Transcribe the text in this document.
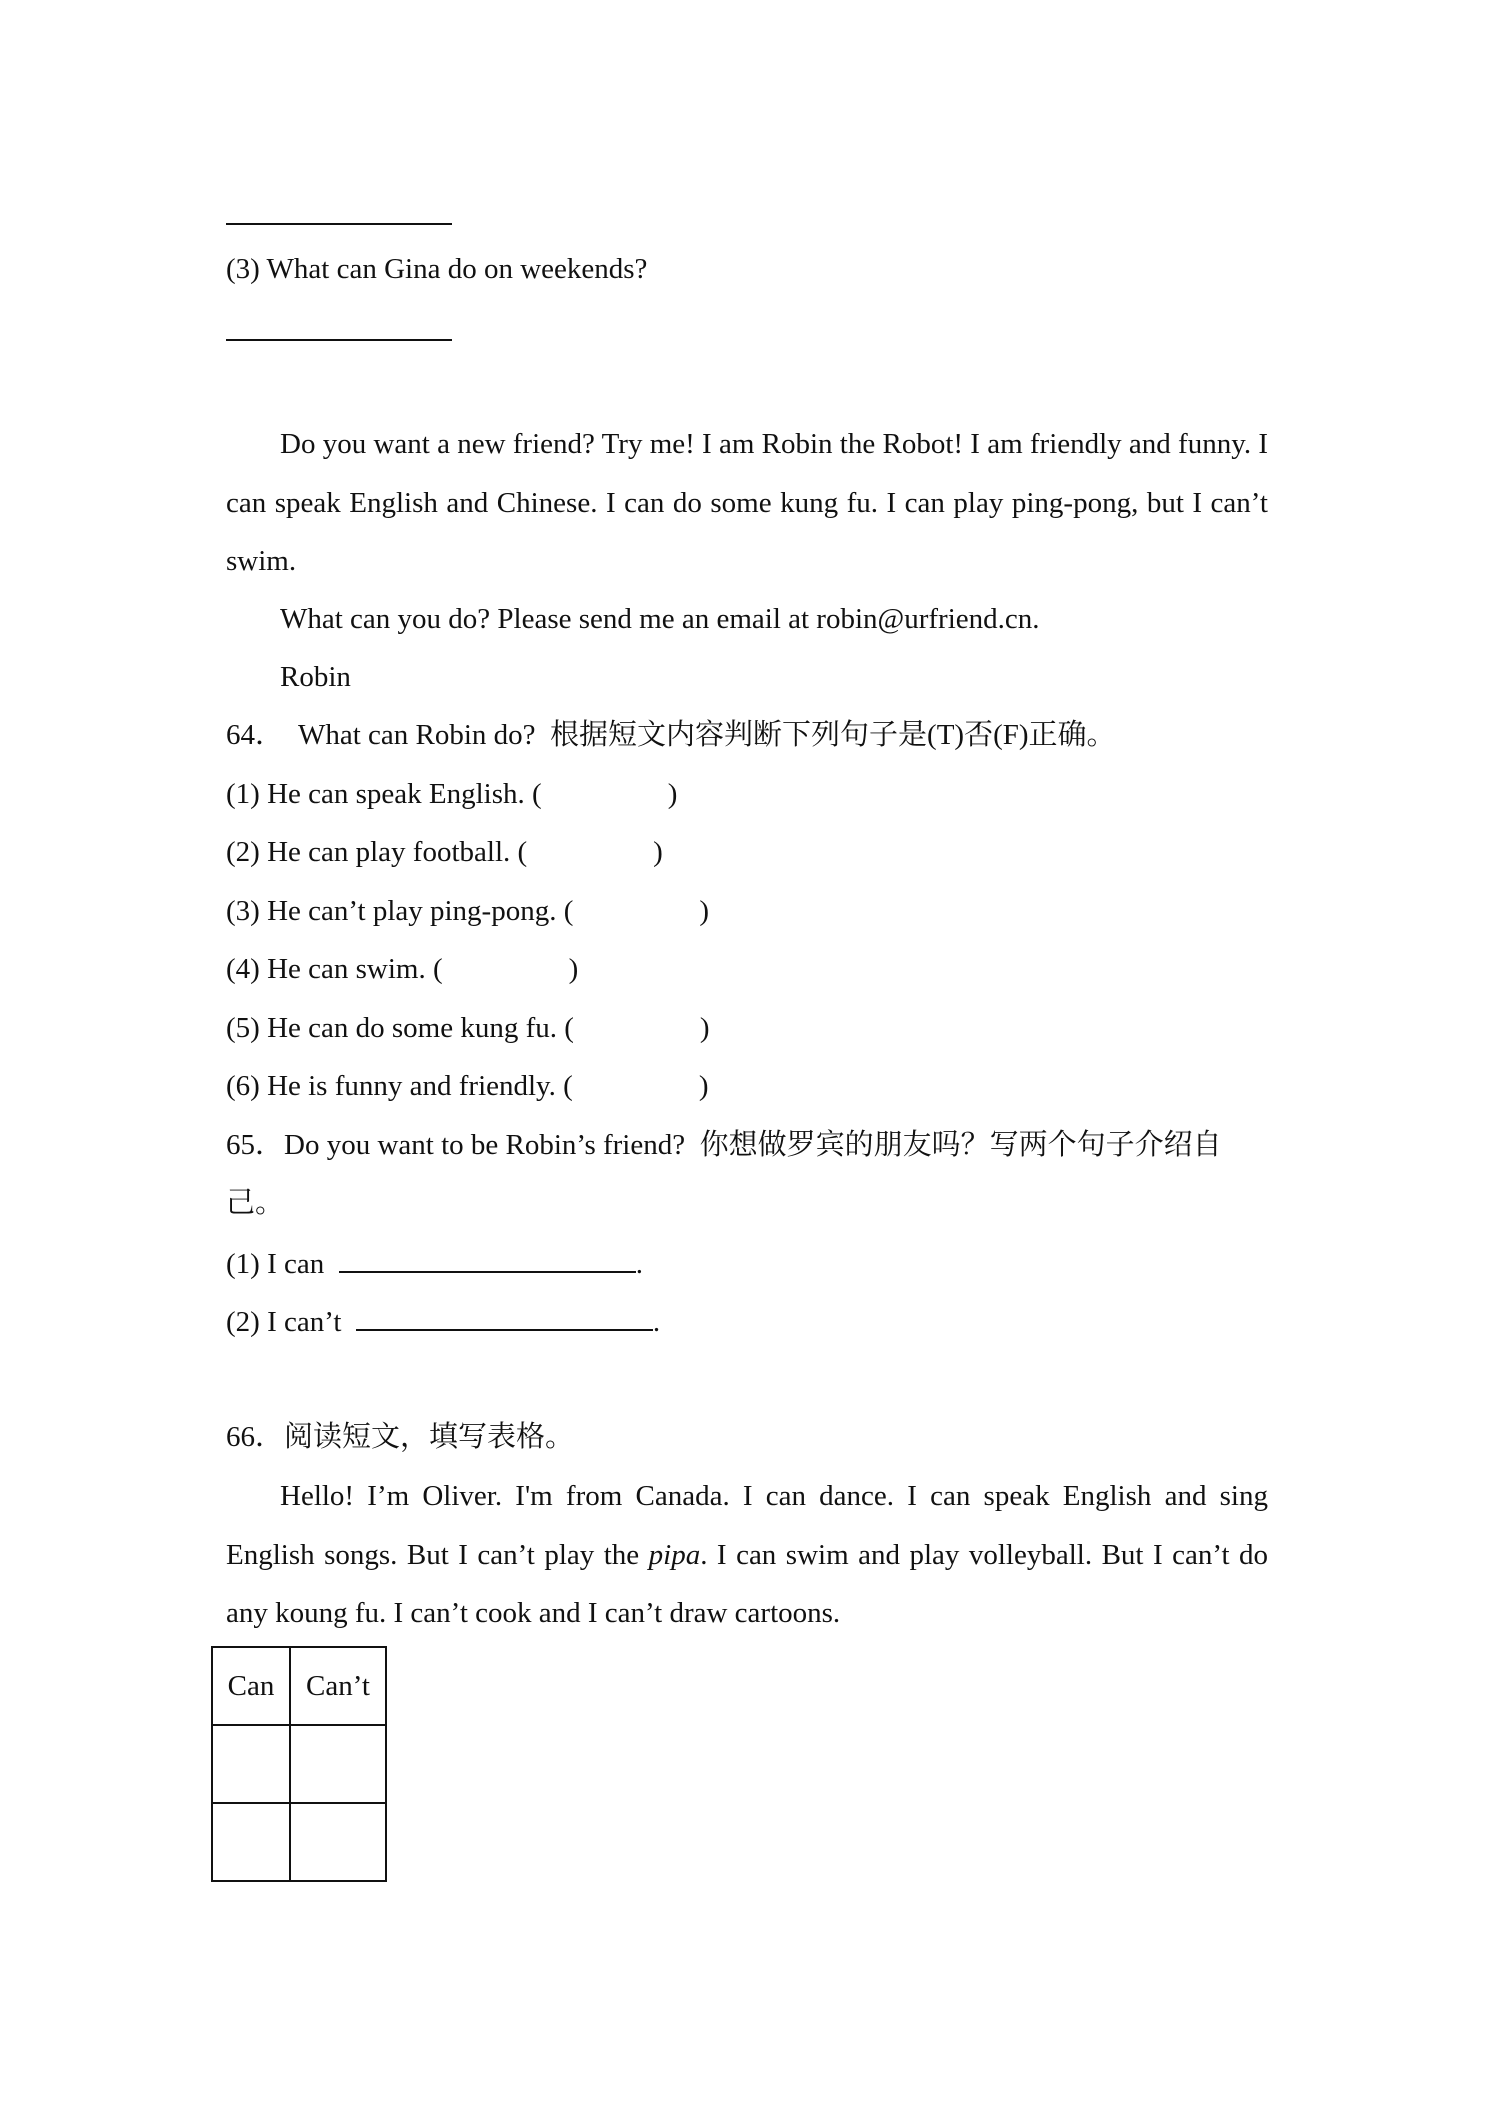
(3) What can Gina do on weekends?
Do you want a new friend? Try me! I am Robin the Robot! I am friendly and funny. I can speak English and Chinese. I can do some kung fu. I can play ping-pong, but I can’t swim.
What can you do? Please send me an email at robin@urfriend.cn.
Robin
64．  What can Robin do?  根据短文内容判断下列句子是(T)否(F)正确。
(1) He can speak English. (	)
(2) He can play football. (	)
(3) He can’t play ping-pong. (	)
(4) He can swim. (	)
(5) He can do some kung fu. (	)
(6) He is funny and friendly. (	)
65．Do you want to be Robin’s friend?  你想做罗宾的朋友吗？写两个句子介绍自
己。
(1) I can	.
(2) I can’t	.
66．阅读短文，填写表格。
Hello! I’m Oliver. I'm from Canada. I can dance. I can speak English and sing English songs. But I can’t play the pipa. I can swim and play volleyball. But I can’t do any koung fu. I can’t cook and I can’t draw cartoons.
Can	Can’t
